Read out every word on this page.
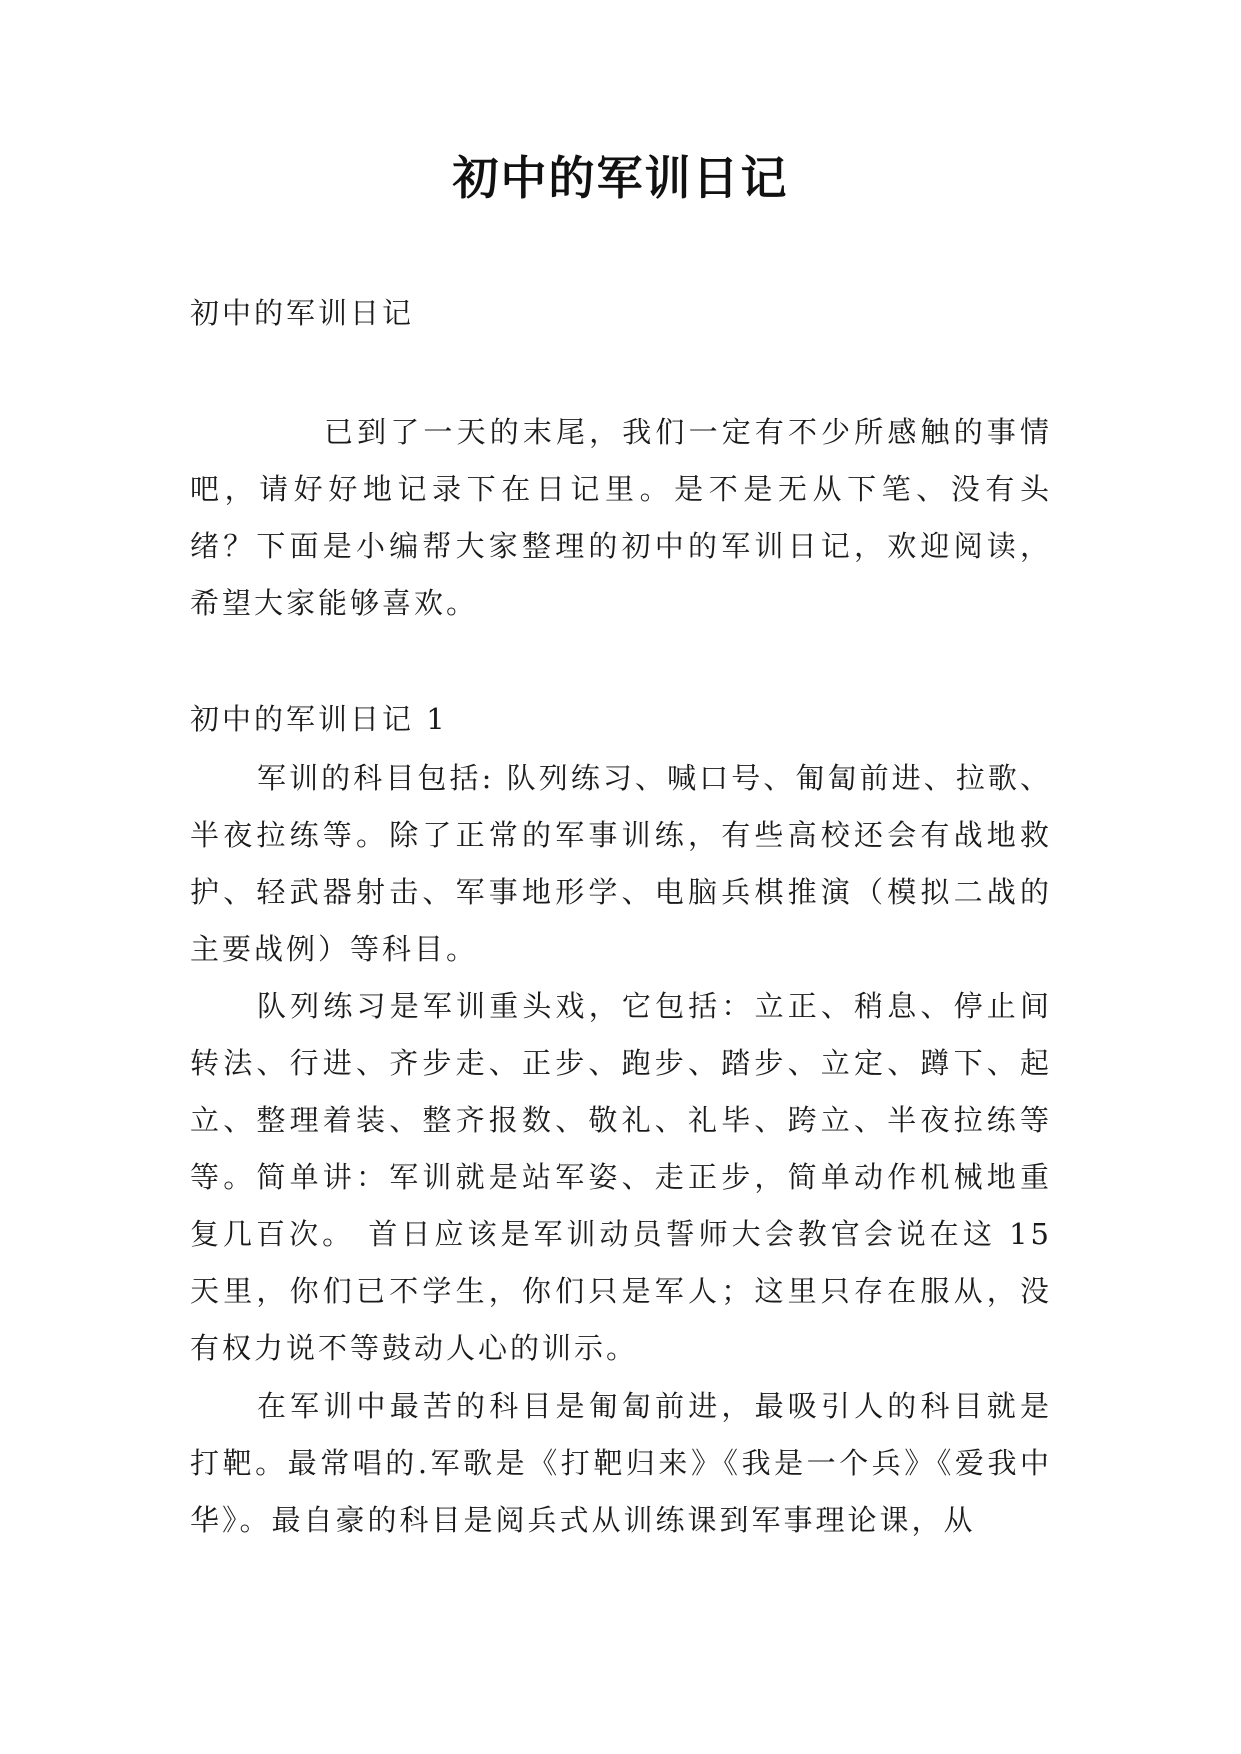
初中的军训日记

初中的军训日记

已到了一天的末尾，我们一定有不少所感触的事情吧，请好好地记录下在日记里。是不是无从下笔、没有头绪？下面是小编帮大家整理的初中的军训日记，欢迎阅读，希望大家能够喜欢。

初中的军训日记 1

军训的科目包括: 队列练习、喊口号、匍匐前进、拉歌、半夜拉练等。除了正常的军事训练，有些高校还会有战地救护、轻武器射击、军事地形学、电脑兵棋推演（模拟二战的主要战例）等科目。

队列练习是军训重头戏，它包括：立正、稍息、停止间转法、行进、齐步走、正步、跑步、踏步、立定、蹲下、起立、整理着装、整齐报数、敬礼、礼毕、跨立、半夜拉练等等。简单讲：军训就是站军姿、走正步，简单动作机械地重复几百次。 首日应该是军训动员誓师大会教官会说在这 15 天里，你们已不学生，你们只是军人；这里只存在服从，没有权力说不等鼓动人心的训示。

在军训中最苦的科目是匍匐前进，最吸引人的科目就是打靶。最常唱的.军歌是《打靶归来》《我是一个兵》《爱我中华》。最自豪的科目是阅兵式从训练课到军事理论课，从
